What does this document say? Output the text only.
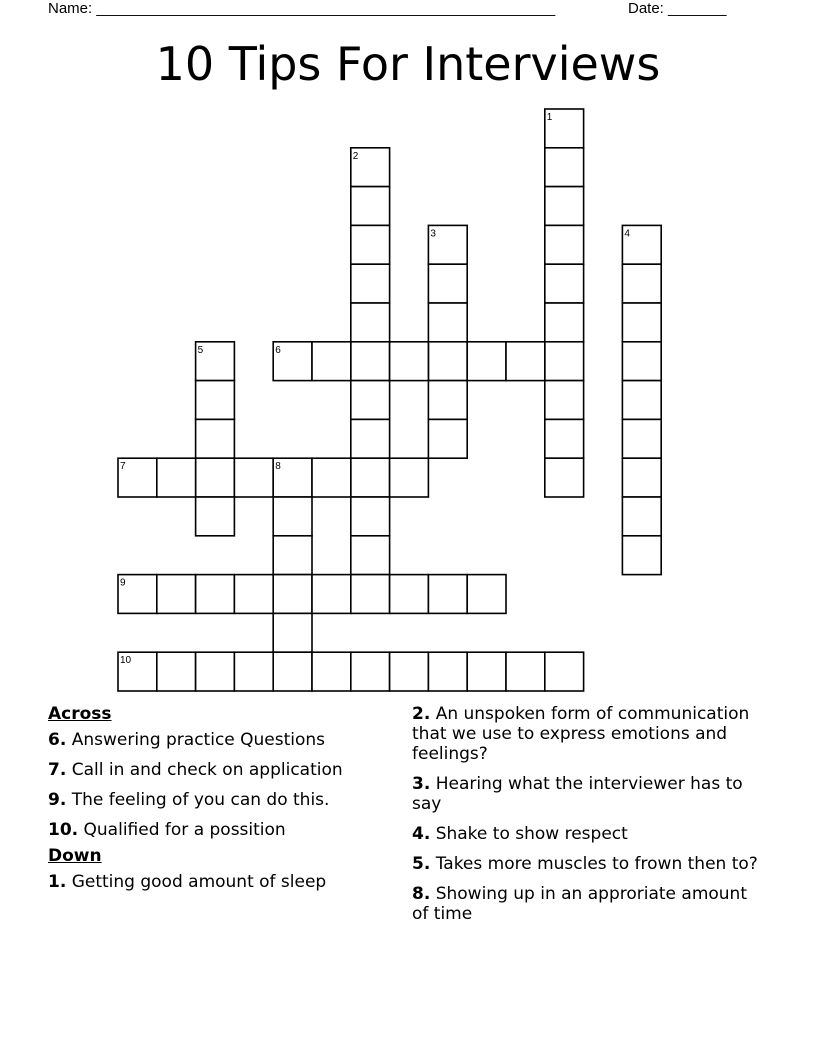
Name: _______________________________________________________	Date: _______
10 Tips For Interviews
1
2
3	4
5	6
7	8
9
10
Across
6. Answering practice Questions
7. Call in and check on application
9. The feeling of you can do this.
10. Qualified for a possition
Down
1. Getting good amount of sleep
2. An unspoken form of communication that we use to express emotions and feelings?
3. Hearing what the interviewer has to say
4. Shake to show respect
5. Takes more muscles to frown then to?
8. Showing up in an approriate amount of time
